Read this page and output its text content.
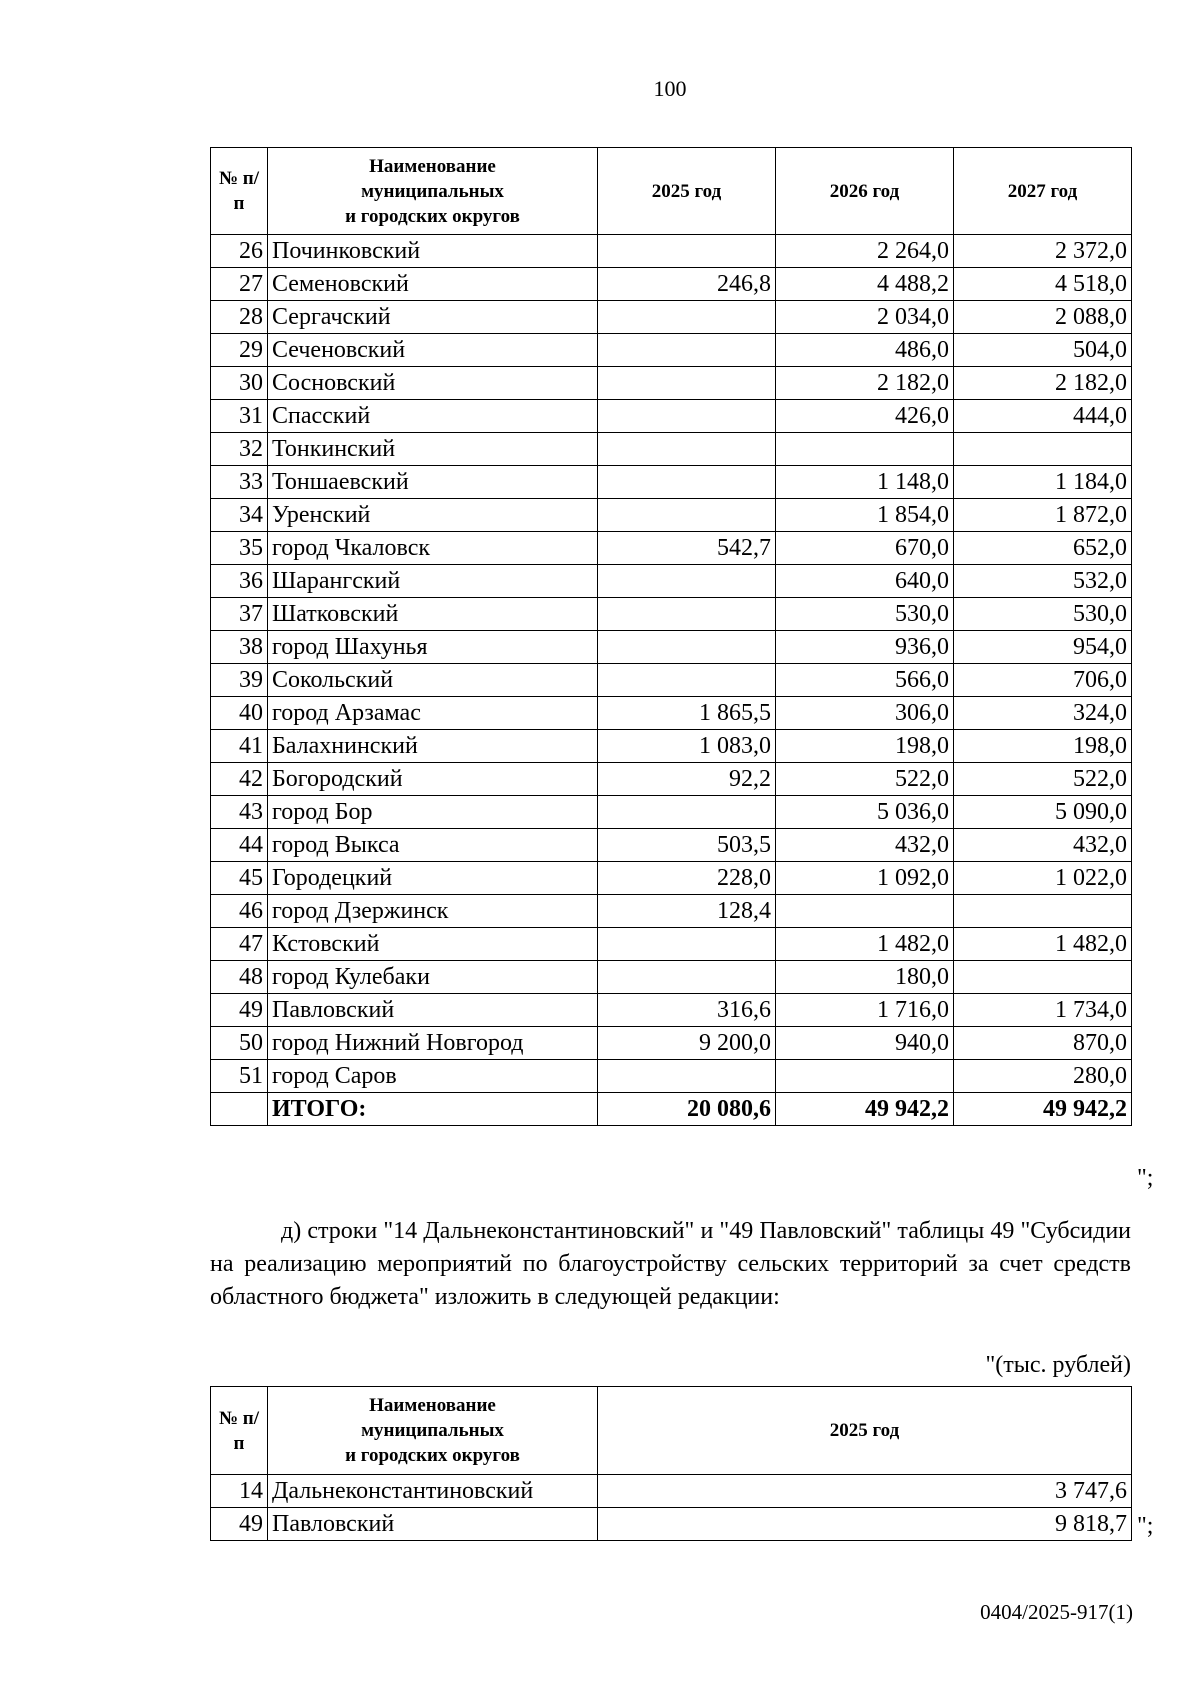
100
№ п/п	Наименование
муниципальных
и городских округов	2025 год	2026 год	2027 год
26	Починковский		2 264,0	2 372,0
27	Семеновский	246,8	4 488,2	4 518,0
28	Сергачский		2 034,0	2 088,0
29	Сеченовский		486,0	504,0
30	Сосновский		2 182,0	2 182,0
31	Спасский		426,0	444,0
32	Тонкинский			
33	Тоншаевский		1 148,0	1 184,0
34	Уренский		1 854,0	1 872,0
35	город Чкаловск	542,7	670,0	652,0
36	Шарангский		640,0	532,0
37	Шатковский		530,0	530,0
38	город Шахунья		936,0	954,0
39	Сокольский		566,0	706,0
40	город Арзамас	1 865,5	306,0	324,0
41	Балахнинский	1 083,0	198,0	198,0
42	Богородский	92,2	522,0	522,0
43	город Бор		5 036,0	5 090,0
44	город Выкса	503,5	432,0	432,0
45	Городецкий	228,0	1 092,0	1 022,0
46	город Дзержинск	128,4		
47	Кстовский		1 482,0	1 482,0
48	город Кулебаки		180,0	
49	Павловский	316,6	1 716,0	1 734,0
50	город Нижний Новгород	9 200,0	940,0	870,0
51	город Саров			280,0
	ИТОГО:	20 080,6	49 942,2	49 942,2
";
д) строки "14 Дальнеконстантиновский" и "49 Павловский" таблицы 49 "Субсидии на реализацию мероприятий по благоустройству сельских территорий за счет средств областного бюджета" изложить в следующей редакции:
"(тыс. рублей)
№ п/п	Наименование
муниципальных
и городских округов	2025 год
14	Дальнеконстантиновский	3 747,6
49	Павловский	9 818,7 ";
0404/2025-917(1)
